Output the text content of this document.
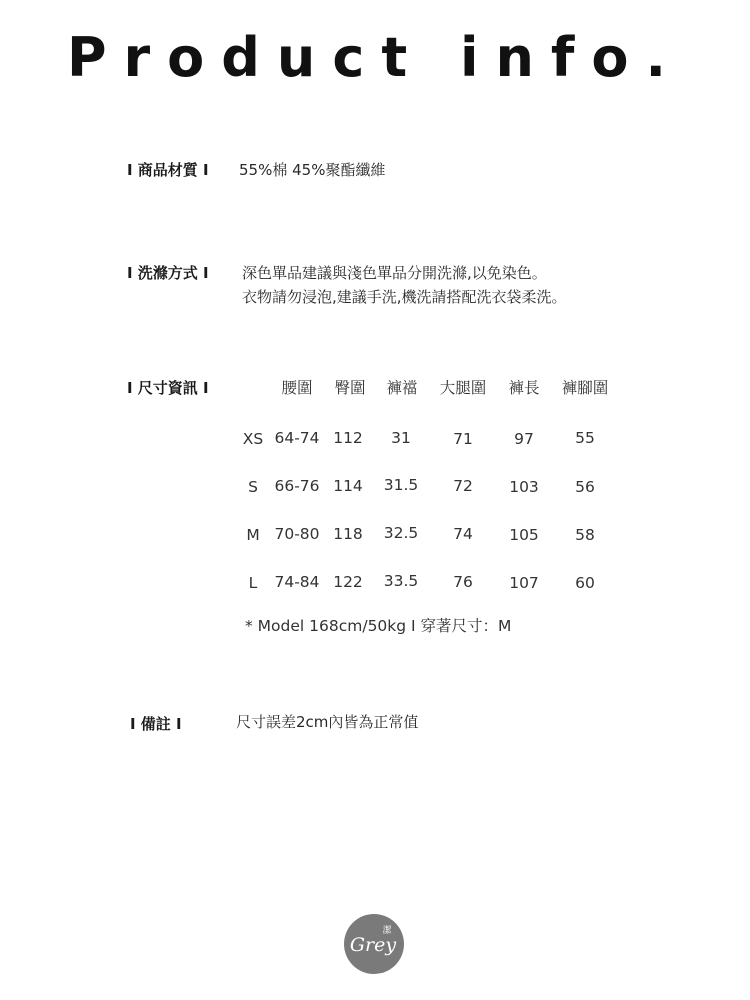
Product info.
I 商品材質 I 55%棉 45%聚酯纖維
I 洗滌方式 I 深色單品建議與淺色單品分開洗滌,以免染色。
衣物請勿浸泡,建議手洗,機洗請搭配洗衣袋柔洗。
I 尺寸資訊 I	腰圍 臀圍 褲襠 大腿圍 褲長 褲腳圍
XS 64-74 112 31	71	97	55
S 66-76 114 31.5 72 103 56
M 70-80 118 32.5 74 105 58
L 74-84 122 33.5 76 107 60
* Model 168cm/50kg I 穿著尺寸：M
I 備註 I	尺寸誤差2cm內皆為正常值
Grey
潔
